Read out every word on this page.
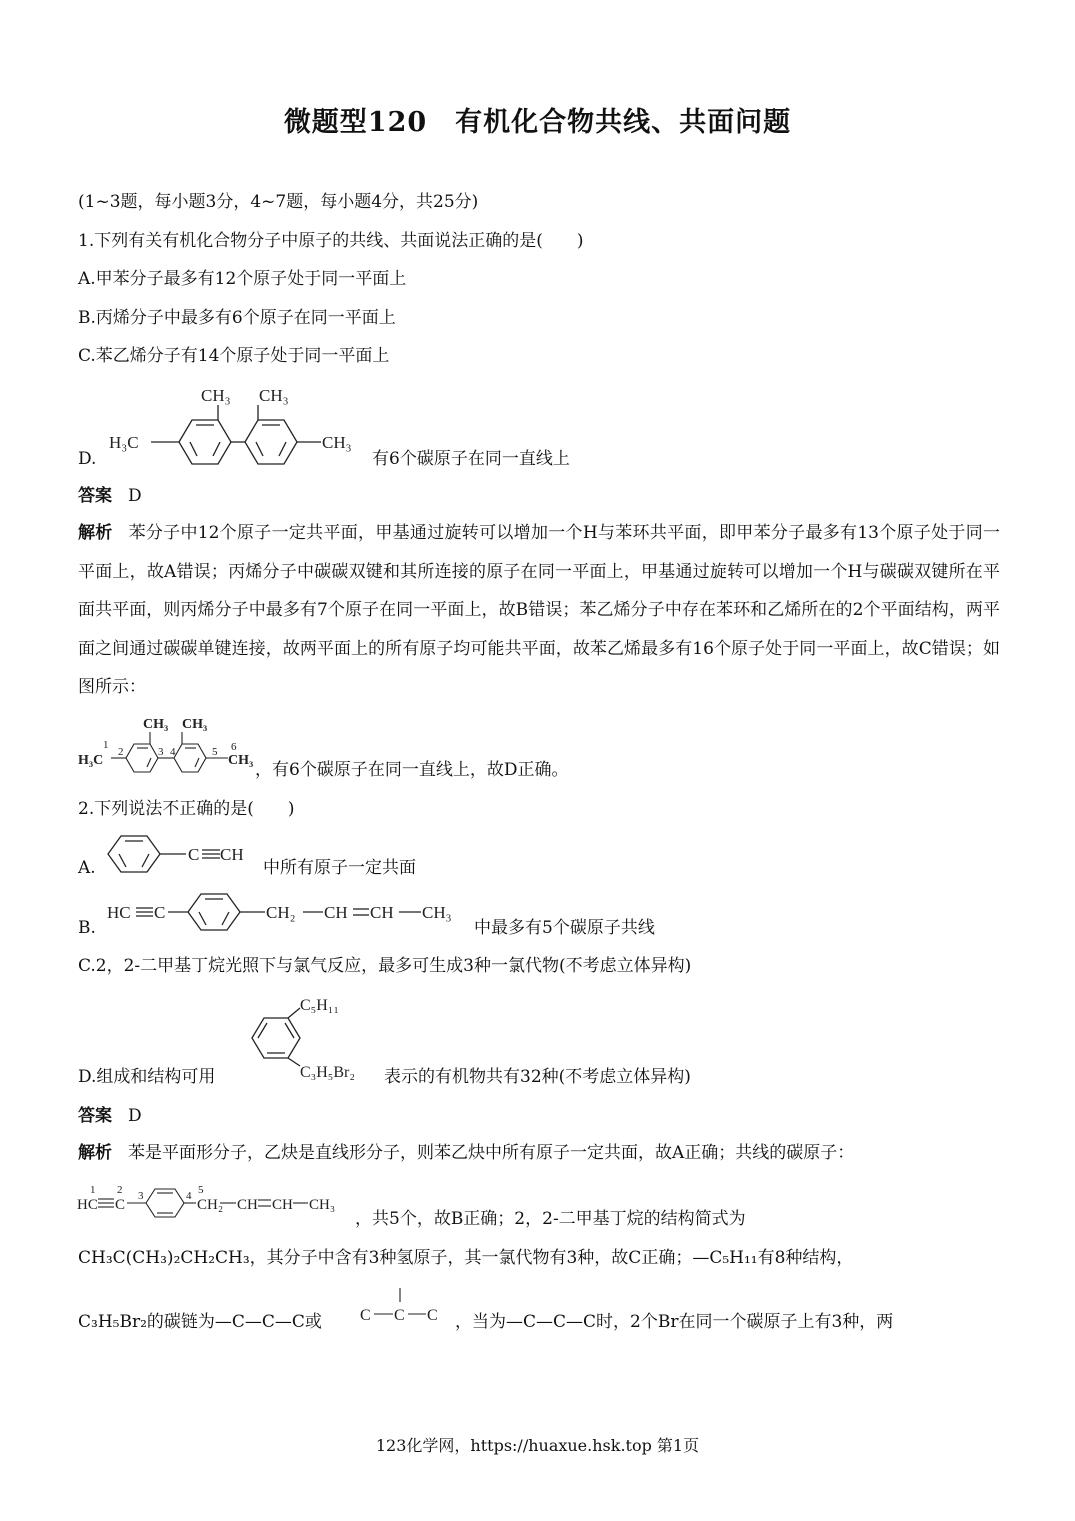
微题型120　有机化合物共线、共面问题
(1~3题，每小题3分，4~7题，每小题4分，共25分)
1.下列有关有机化合物分子中原子的共线、共面说法正确的是(　　)
A.甲苯分子最多有12个原子处于同一平面上
B.丙烯分子中最多有6个原子在同一平面上
C.苯乙烯分子有14个原子处于同一平面上
D.
CH₃ CH₃
H₃C	CH₃
有6个碳原子在同一直线上
答案 D
解析 苯分子中12个原子一定共平面，甲基通过旋转可以增加一个H与苯环共平面，即甲苯分子最多有13个原子处于同一平面上，故A错误；丙烯分子中碳碳双键和其所连接的原子在同一平面上，甲基通过旋转可以增加一个H与碳碳双键所在平面共平面，则丙烯分子中最多有7个原子在同一平面上，故B错误；苯乙烯分子中存在苯环和乙烯所在的2个平面结构，两平面之间通过碳碳单键连接，故两平面上的所有原子均可能共平面，故苯乙烯最多有16个原子处于同一平面上，故C错误；如图所示：
CH₃ CH₃
H₃C	CH₃
1
2	3 4	5 6
，有6个碳原子在同一直线上，故D正确。
2.下列说法不正确的是(　　)
A.
C CH
中所有原子一定共面
B.
HC C	CH₂ CH CH CH₃
中最多有5个碳原子共线
C.2，2-二甲基丁烷光照下与氯气反应，最多可生成3种一氯代物(不考虑立体异构)
D.组成和结构可用
C₅H₁₁
C₃H₅Br₂ 表示的有机物共有32种(不考虑立体异构)
答案 D
解析 苯是平面形分子，乙炔是直线形分子，则苯乙炔中所有原子一定共面，故A正确；共线的碳原子：
HC C	CH₂ CH CH CH₃
1 2 3	4 5
，共5个，故B正确；2，2-二甲基丁烷的结构简式为
CH₃C(CH₃)₂CH₂CH₃，其分子中含有3种氢原子，其一氯代物有3种，故C正确；—C₅H₁₁有8种结构，
C₃H₅Br₂的碳链为—C—C—C或 C C C ，当为—C—C—C时，2个Br在同一个碳原子上有3种，两
123化学网，https://huaxue.hsk.top 第1页
